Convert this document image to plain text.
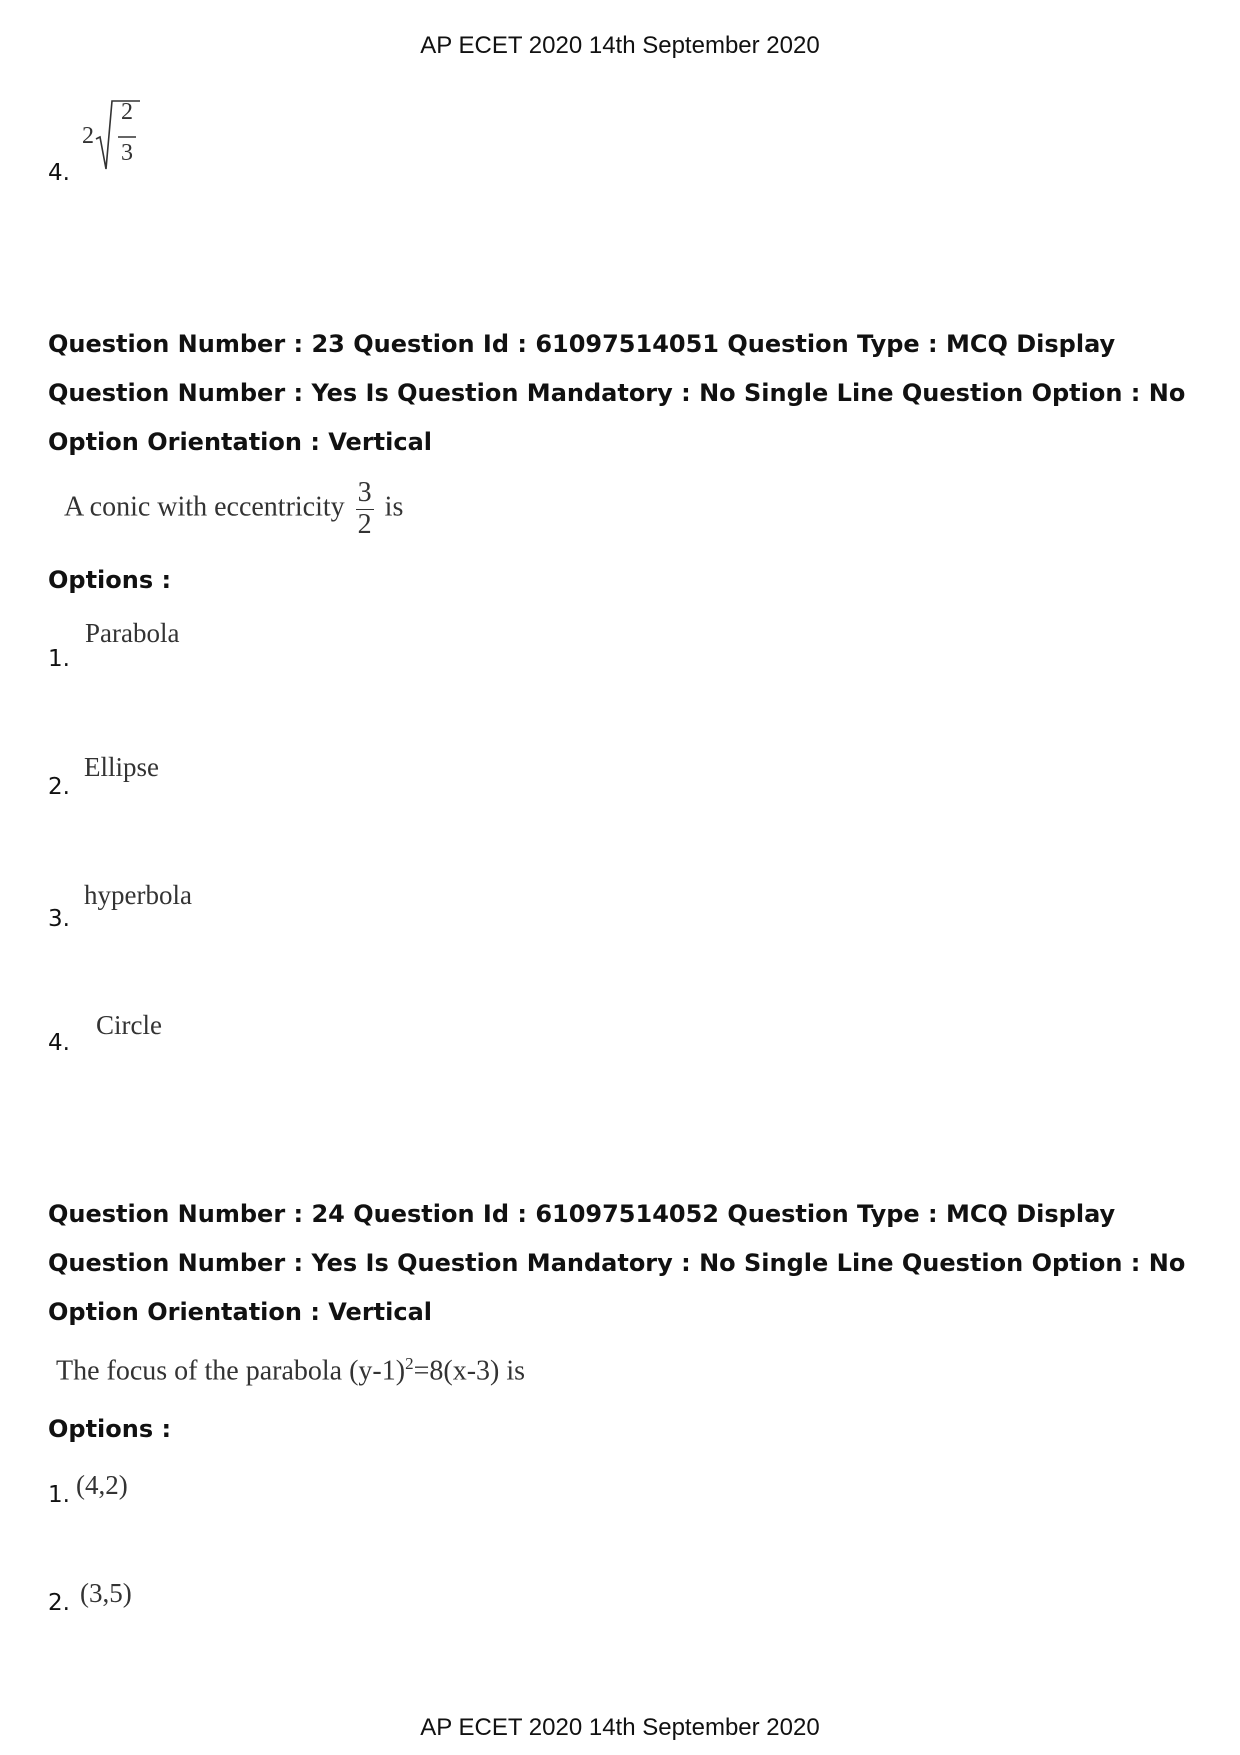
AP ECET 2020 14th September 2020
4.
2
2
3
Question Number : 23 Question Id : 61097514051 Question Type : MCQ Display Question Number : Yes Is Question Mandatory : No Single Line Question Option : No Option Orientation : Vertical
A conic with eccentricity $\frac{3}{2}$ is
Options :
1.
Parabola
2.
Ellipse
3.
hyperbola
4.
Circle
Question Number : 24 Question Id : 61097514052 Question Type : MCQ Display Question Number : Yes Is Question Mandatory : No Single Line Question Option : No Option Orientation : Vertical
The focus of the parabola $(y-1)^2=8(x-3)$ is
Options :
1. (4,2)
2. (3,5)
AP ECET 2020 14th September 2020
